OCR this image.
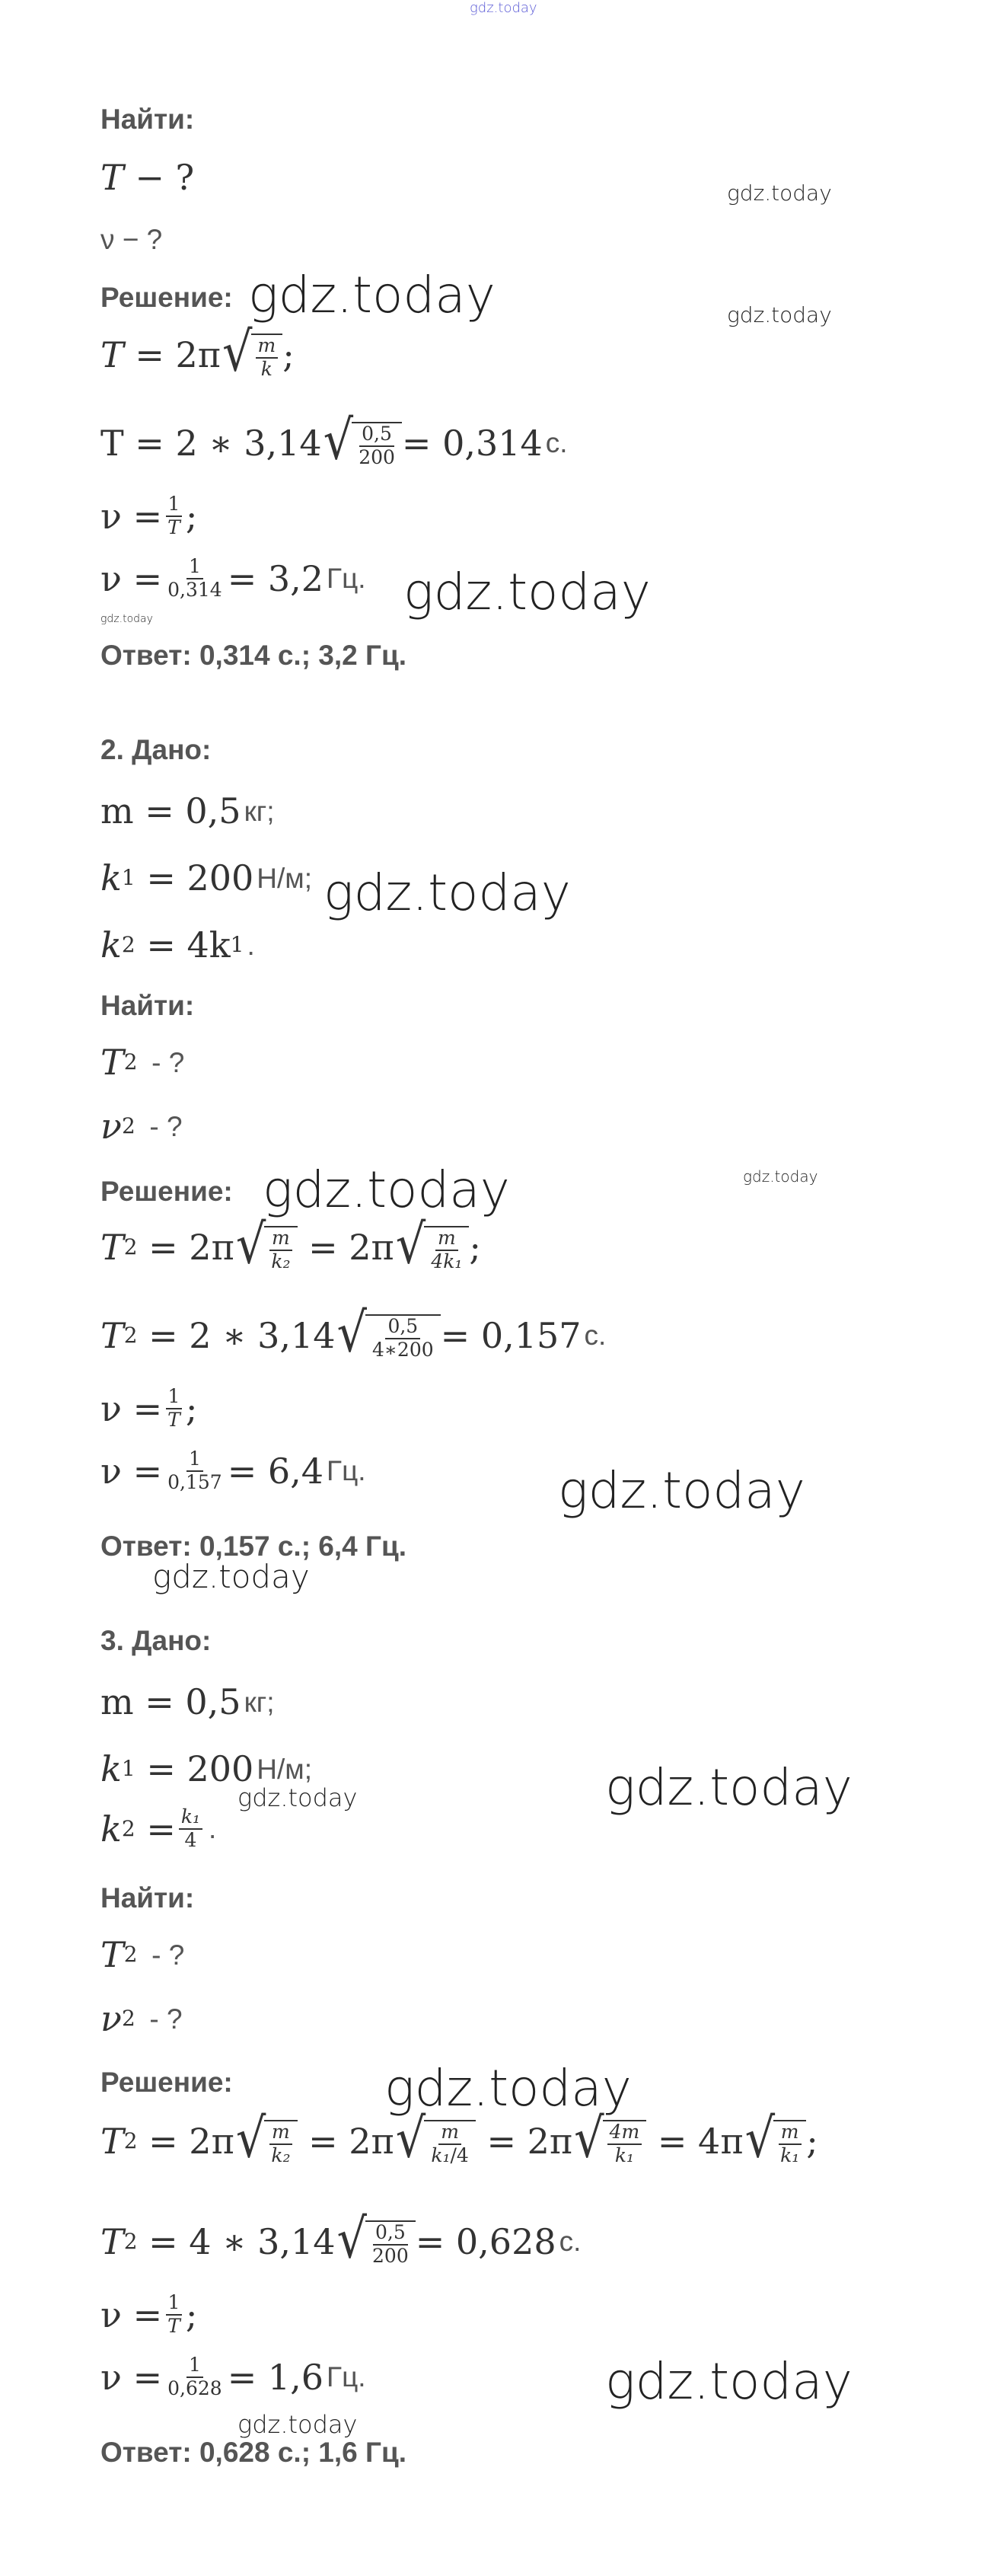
gdz.today
gdz.today
gdz.today
gdz.today
gdz.today
gdz.today
gdz.today
gdz.today
gdz.today
gdz.today
gdz.today
gdz.today
gdz.today
gdz.today
gdz.today
gdz.today
Найти:
T
− ?
ν − ?
Решение:
T
=
2π √ $\frac{m}{k}$ ;
T = 2 ∗ 3,14 √ $\frac{0,5}{200} = 0,314$ с.
$\nu = \frac{1}{T}$ ;
$\nu = \frac{1}{0,314} = 3,2$ Гц.
Ответ: 0,314 с.; 3,2 Гц.
2. Дано:
m = 0,5 кг;
k 1
= 200 Н/м;
k 2
= 4k 1 .
Найти:
T 2
- ?
ν 2
- ?
Решение:
T 2
= 2π √ $\frac{m}{\text{k₂}}$
= 2π √ $\frac{m}{\text{4k₁}}$ ;
T 2
= 2 ∗ 3,14 √ $\frac{0,5}{4∗200} = 0,157$ с.
$\nu = \frac{1}{T}$ ;
$\nu = \frac{1}{0,157} = 6,4$ Гц.
Ответ: 0,157 с.; 6,4 Гц.
3. Дано:
m = 0,5 кг;
k 1
= 200 Н/м;
k 2
= $\frac{\text{k₁}}{4}$ .
Найти:
T 2
- ?
ν 2
- ?
Решение:
T 2
= 2π √ $\frac{m}{\text{k₂}}$
= 2π √ $\frac{m}{\text{k₁/4}}$
= 2π √ $\frac{4m}{\text{k₁}}$
= 4π √ $\frac{m}{\text{k₁}}$ ;
T 2
= 4 ∗ 3,14 √ $\frac{0,5}{200} = 0,628$ с.
$\nu = \frac{1}{T}$ ;
$\nu = \frac{1}{0,628} = 1,6$ Гц.
Ответ: 0,628 с.; 1,6 Гц.
